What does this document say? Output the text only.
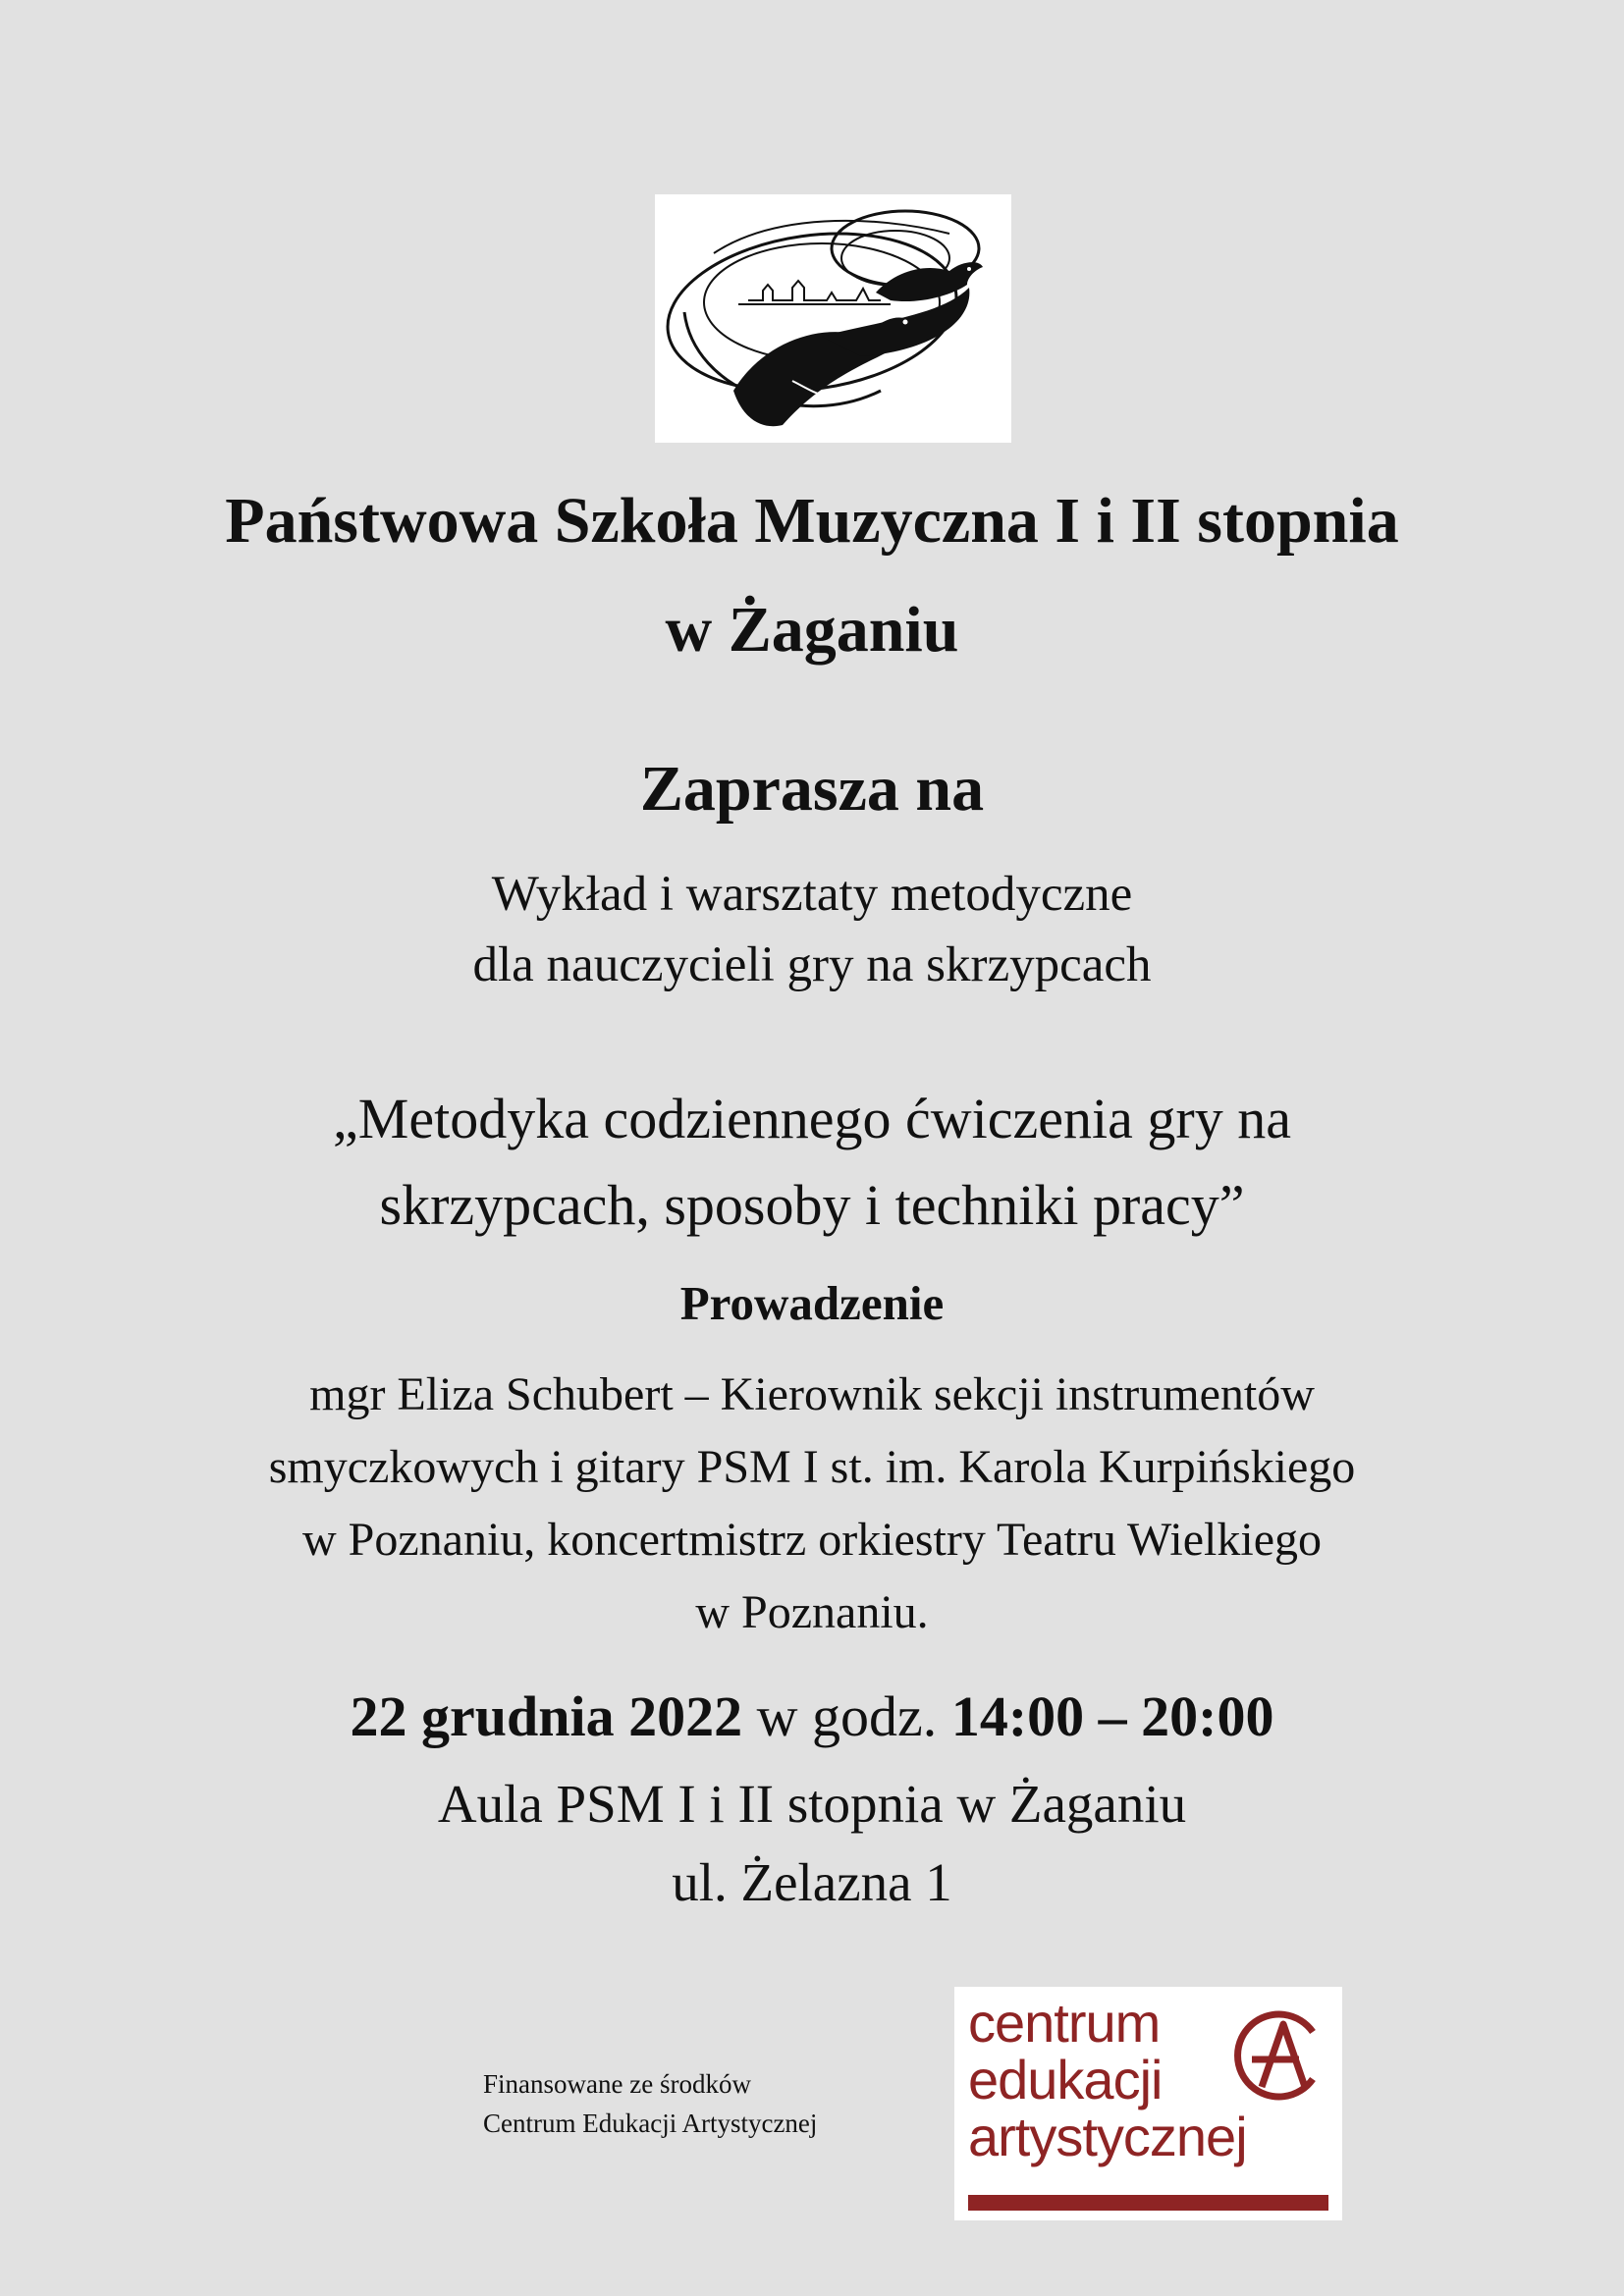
Państwowa Szkoła Muzyczna I i II stopnia
w Żaganiu
Zaprasza na
Wykład i warsztaty metodyczne
dla nauczycieli gry na skrzypcach
„Metodyka codziennego ćwiczenia gry na
skrzypcach, sposoby i techniki pracy”
Prowadzenie
mgr Eliza Schubert – Kierownik sekcji instrumentów
smyczkowych i gitary PSM I st. im. Karola Kurpińskiego
w Poznaniu, koncertmistrz orkiestry Teatru Wielkiego
w Poznaniu.
22 grudnia 2022 w godz. 14:00 – 20:00
Aula PSM I i II stopnia w Żaganiu
ul. Żelazna 1
Finansowane ze środków
Centrum Edukacji Artystycznej
centrum
edukacji
artystycznej
